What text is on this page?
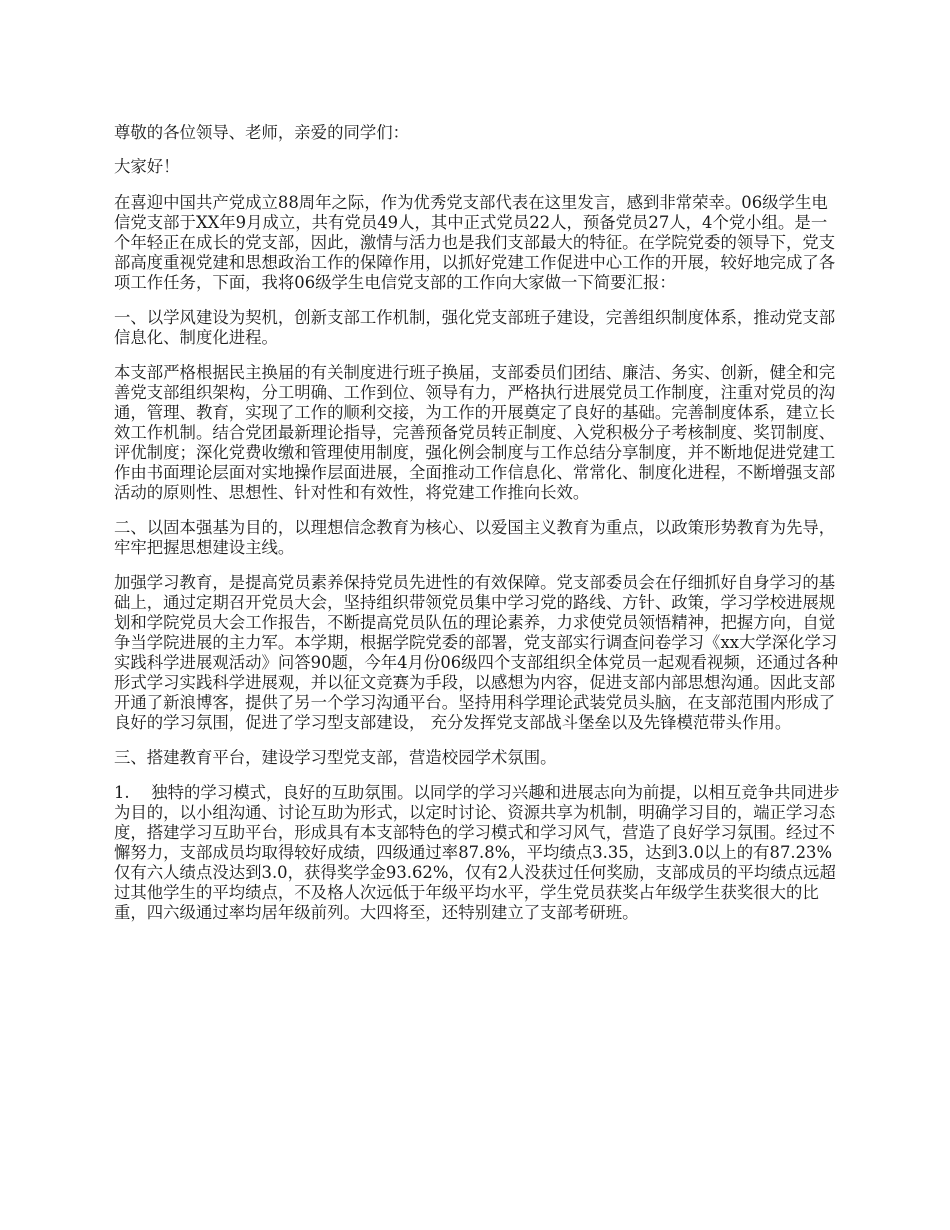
尊敬的各位领导、老师，亲爱的同学们：

大家好！

在喜迎中国共产党成立88周年之际，作为优秀党支部代表在这里发言，感到非常荣幸。06级学生电信党支部于XX年9月成立，共有党员49人，其中正式党员22人，预备党员27人，4个党小组。是一个年轻正在成长的党支部，因此，激情与活力也是我们支部最大的特征。在学院党委的领导下，党支部高度重视党建和思想政治工作的保障作用，以抓好党建工作促进中心工作的开展，较好地完成了各项工作任务，下面，我将06级学生电信党支部的工作向大家做一下简要汇报：

一、以学风建设为契机，创新支部工作机制，强化党支部班子建设，完善组织制度体系，推动党支部信息化、制度化进程。

本支部严格根据民主换届的有关制度进行班子换届，支部委员们团结、廉洁、务实、创新，健全和完善党支部组织架构，分工明确、工作到位、领导有力，严格执行进展党员工作制度，注重对党员的沟通，管理、教育，实现了工作的顺利交接，为工作的开展奠定了良好的基础。完善制度体系，建立长效工作机制。结合党团最新理论指导，完善预备党员转正制度、入党积极分子考核制度、奖罚制度、评优制度；深化党费收缴和管理使用制度，强化例会制度与工作总结分享制度，并不断地促进党建工作由书面理论层面对实地操作层面进展，全面推动工作信息化、常常化、制度化进程，不断增强支部活动的原则性、思想性、针对性和有效性，将党建工作推向长效。

二、以固本强基为目的，以理想信念教育为核心、以爱国主义教育为重点，以政策形势教育为先导，牢牢把握思想建设主线。

加强学习教育，是提高党员素养保持党员先进性的有效保障。党支部委员会在仔细抓好自身学习的基础上，通过定期召开党员大会，坚持组织带领党员集中学习党的路线、方针、政策，学习学校进展规划和学院党员大会工作报告，不断提高党员队伍的理论素养，力求使党员领悟精神，把握方向，自觉争当学院进展的主力军。本学期，根据学院党委的部署，党支部实行调查问卷学习《xx大学深化学习实践科学进展观活动》问答90题，今年4月份06级四个支部组织全体党员一起观看视频，还通过各种形式学习实践科学进展观，并以征文竞赛为手段，以感想为内容，促进支部内部思想沟通。因此支部开通了新浪博客，提供了另一个学习沟通平台。坚持用科学理论武装党员头脑，在支部范围内形成了良好的学习氛围，促进了学习型支部建设， 充分发挥党支部战斗堡垒以及先锋模范带头作用。

三、搭建教育平台，建设学习型党支部，营造校园学术氛围。

1.　 独特的学习模式，良好的互助氛围。以同学的学习兴趣和进展志向为前提，以相互竞争共同进步为目的，以小组沟通、讨论互助为形式，以定时讨论、资源共享为机制，明确学习目的，端正学习态度，搭建学习互助平台，形成具有本支部特色的学习模式和学习风气，营造了良好学习氛围。经过不懈努力，支部成员均取得较好成绩，四级通过率87.8%，平均绩点3.35，达到3.0以上的有87.23%仅有六人绩点没达到3.0，获得奖学金93.62%，仅有2人没获过任何奖励，支部成员的平均绩点远超过其他学生的平均绩点，不及格人次远低于年级平均水平，学生党员获奖占年级学生获奖很大的比重，四六级通过率均居年级前列。大四将至，还特别建立了支部考研班。
